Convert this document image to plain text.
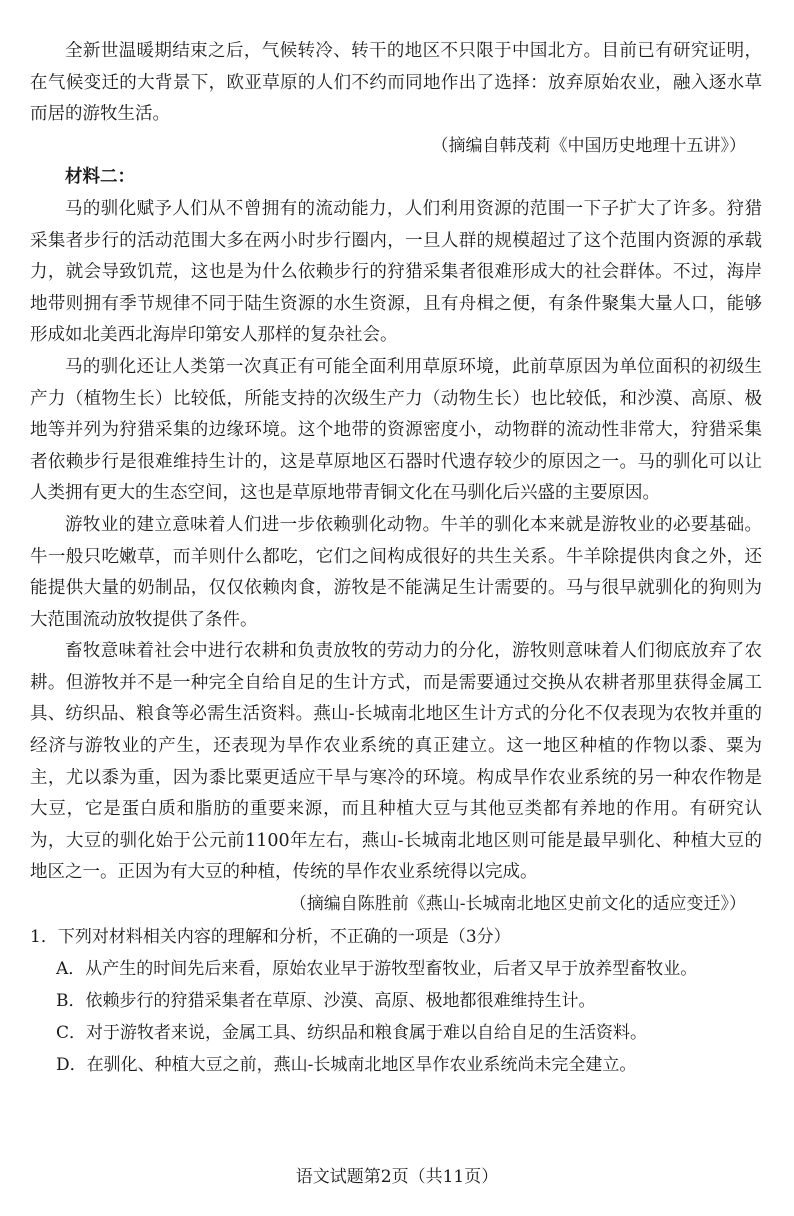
全新世温暖期结束之后，气候转冷、转干的地区不只限于中国北方。目前已有研究证明，在气候变迁的大背景下，欧亚草原的人们不约而同地作出了选择：放弃原始农业，融入逐水草而居的游牧生活。

（摘编自韩茂莉《中国历史地理十五讲》）

材料二：

马的驯化赋予人们从不曾拥有的流动能力，人们利用资源的范围一下子扩大了许多。狩猎采集者步行的活动范围大多在两小时步行圈内，一旦人群的规模超过了这个范围内资源的承载力，就会导致饥荒，这也是为什么依赖步行的狩猎采集者很难形成大的社会群体。不过，海岸地带则拥有季节规律不同于陆生资源的水生资源，且有舟楫之便，有条件聚集大量人口，能够形成如北美西北海岸印第安人那样的复杂社会。

马的驯化还让人类第一次真正有可能全面利用草原环境，此前草原因为单位面积的初级生产力（植物生长）比较低，所能支持的次级生产力（动物生长）也比较低，和沙漠、高原、极地等并列为狩猎采集的边缘环境。这个地带的资源密度小，动物群的流动性非常大，狩猎采集者依赖步行是很难维持生计的，这是草原地区石器时代遗存较少的原因之一。马的驯化可以让人类拥有更大的生态空间，这也是草原地带青铜文化在马驯化后兴盛的主要原因。

游牧业的建立意味着人们进一步依赖驯化动物。牛羊的驯化本来就是游牧业的必要基础。牛一般只吃嫩草，而羊则什么都吃，它们之间构成很好的共生关系。牛羊除提供肉食之外，还能提供大量的奶制品，仅仅依赖肉食，游牧是不能满足生计需要的。马与很早就驯化的狗则为大范围流动放牧提供了条件。

畜牧意味着社会中进行农耕和负责放牧的劳动力的分化，游牧则意味着人们彻底放弃了农耕。但游牧并不是一种完全自给自足的生计方式，而是需要通过交换从农耕者那里获得金属工具、纺织品、粮食等必需生活资料。燕山-长城南北地区生计方式的分化不仅表现为农牧并重的经济与游牧业的产生，还表现为旱作农业系统的真正建立。这一地区种植的作物以黍、粟为主，尤以黍为重，因为黍比粟更适应干旱与寒冷的环境。构成旱作农业系统的另一种农作物是大豆，它是蛋白质和脂肪的重要来源，而且种植大豆与其他豆类都有养地的作用。有研究认为，大豆的驯化始于公元前1100年左右，燕山-长城南北地区则可能是最早驯化、种植大豆的地区之一。正因为有大豆的种植，传统的旱作农业系统得以完成。

（摘编自陈胜前《燕山-长城南北地区史前文化的适应变迁》）

1．下列对材料相关内容的理解和分析，不正确的一项是（3分）

A．从产生的时间先后来看，原始农业早于游牧型畜牧业，后者又早于放养型畜牧业。

B．依赖步行的狩猎采集者在草原、沙漠、高原、极地都很难维持生计。

C．对于游牧者来说，金属工具、纺织品和粮食属于难以自给自足的生活资料。

D．在驯化、种植大豆之前，燕山-长城南北地区旱作农业系统尚未完全建立。

语文试题第2页（共11页）
